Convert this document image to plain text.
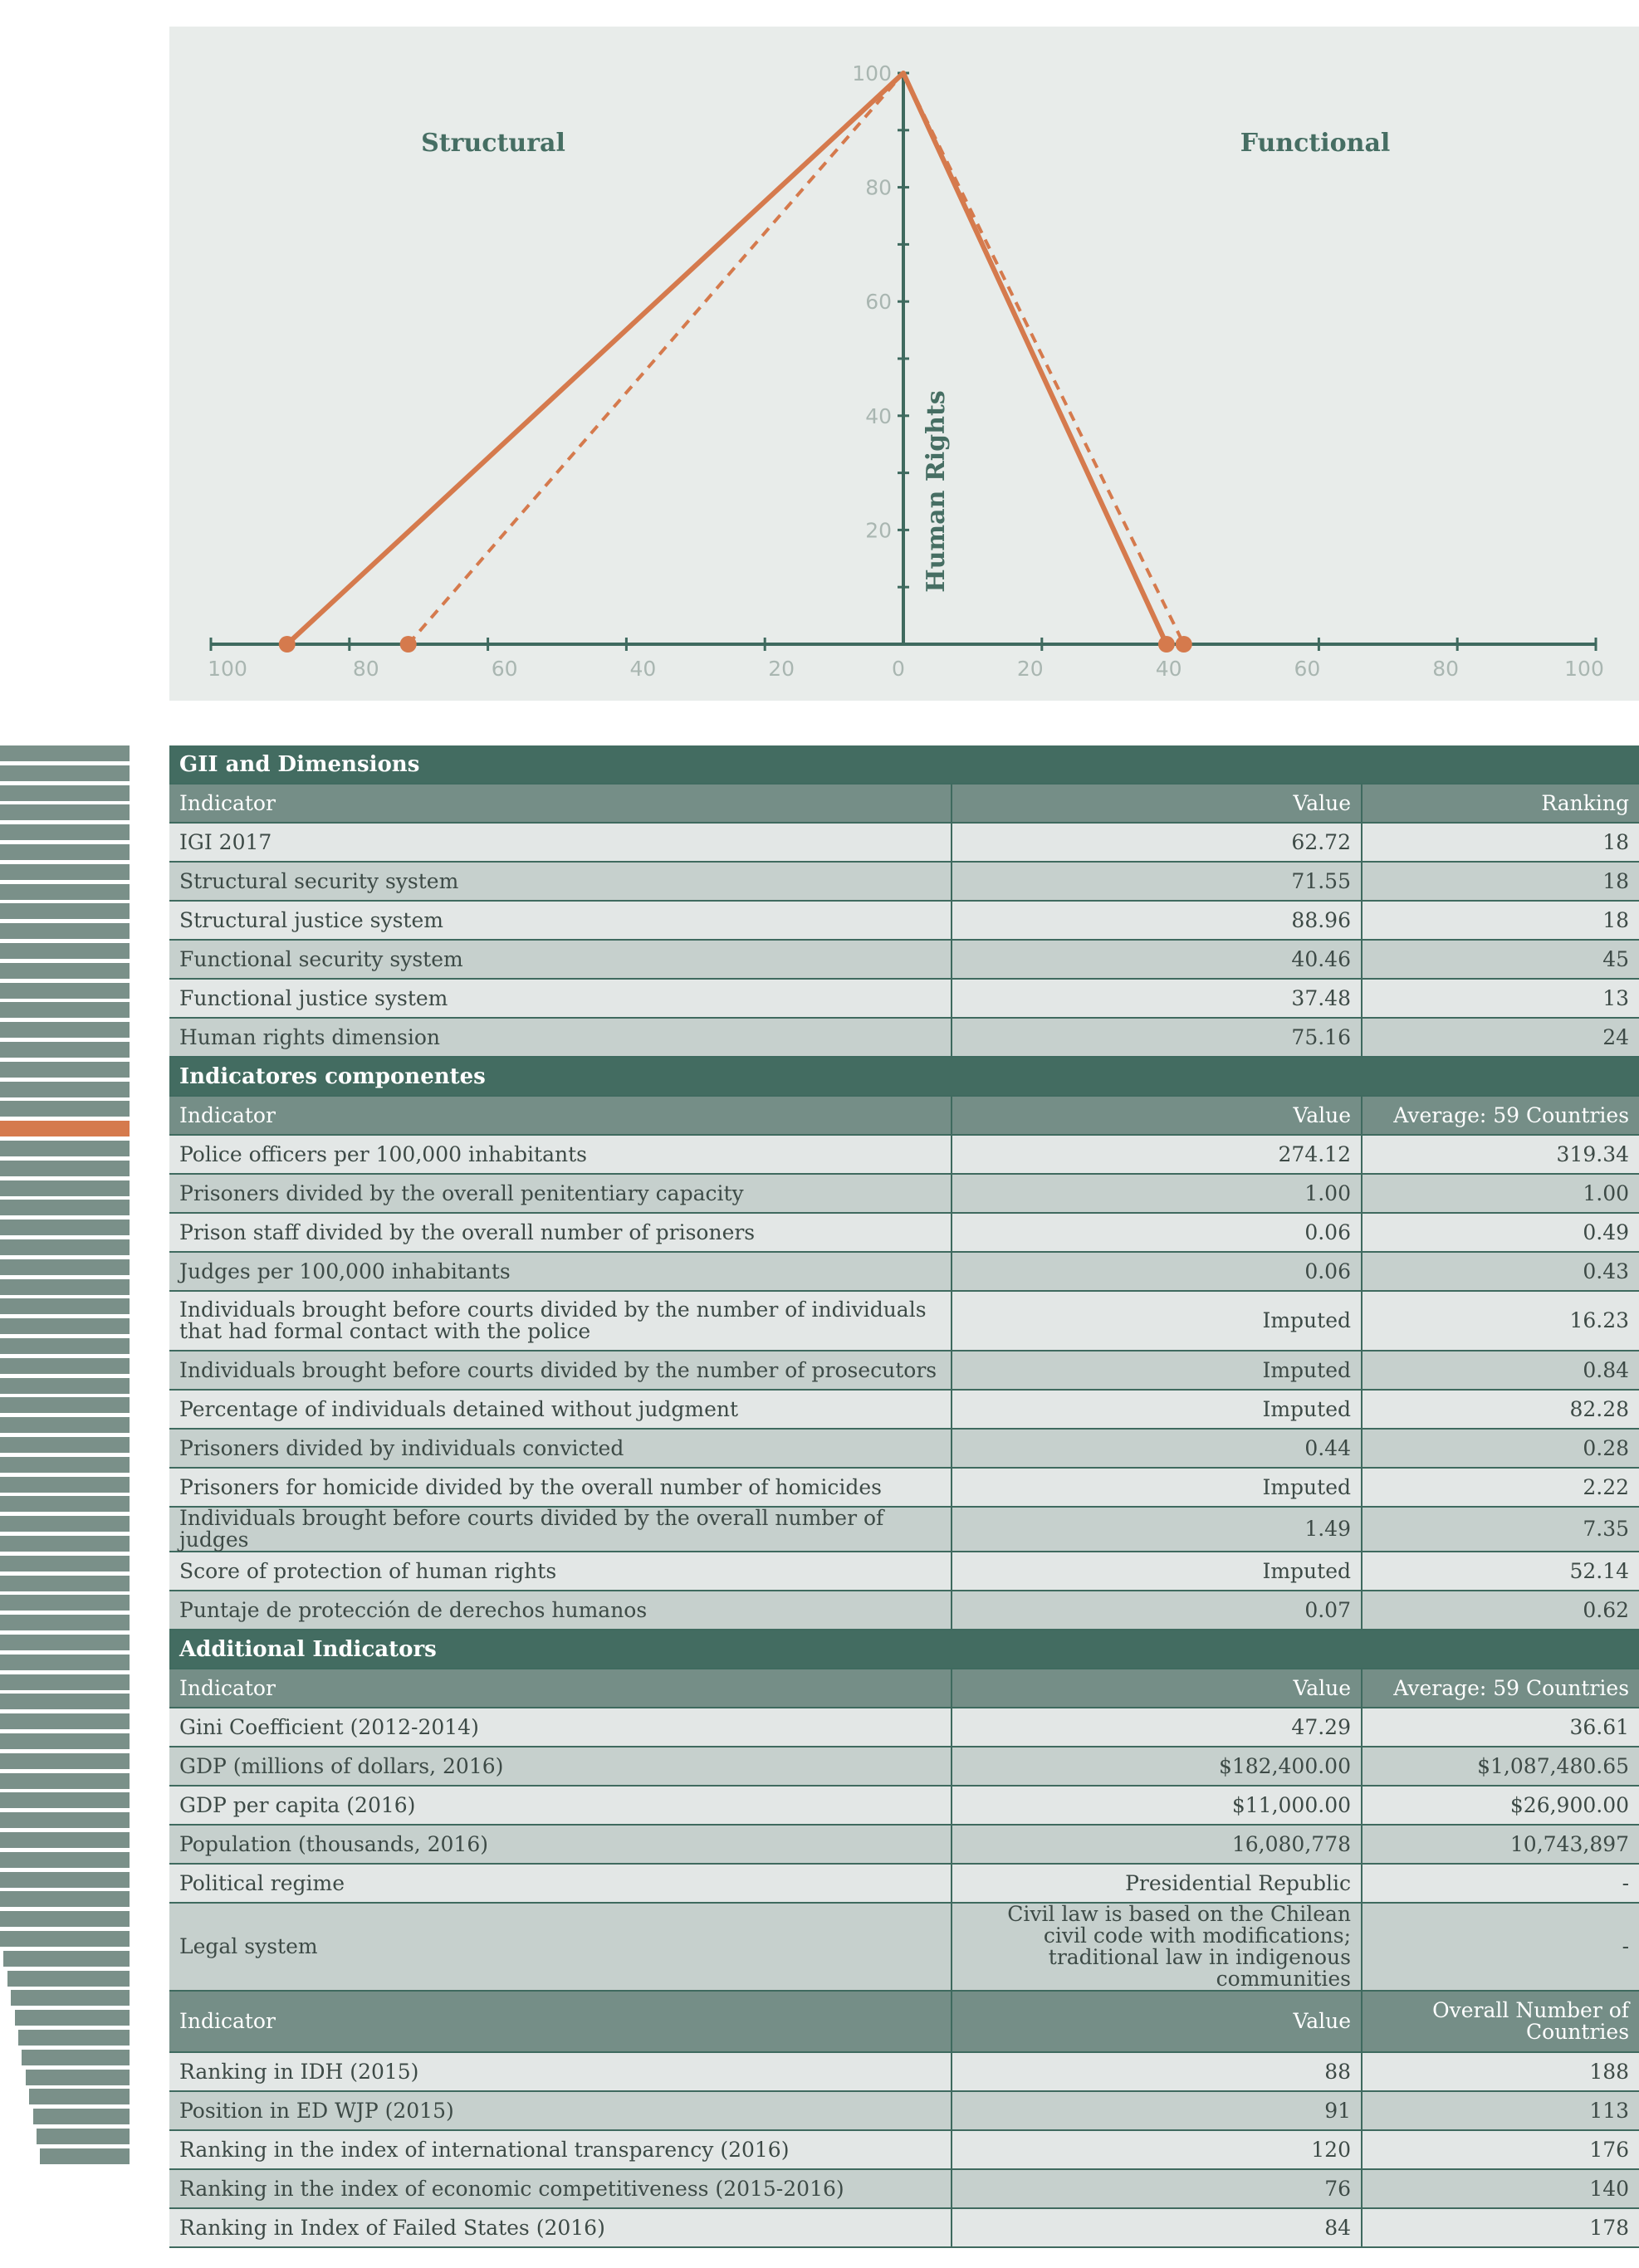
Structural	Functional
Human Rights
100	80	60	40	20	0	20	40	60	80	100
20
40
60
80
100
GII and Dimensions		
Indicator	Value	Ranking
IGI 2017	62.72	18
Structural security system	71.55	18
Structural justice system	88.96	18
Functional security system	40.46	45
Functional justice system	37.48	13
Human rights dimension	75.16	24
Indicatores componentes		
Indicator	Value	Average: 59 Countries
Police officers per 100,000 inhabitants	274.12	319.34
Prisoners divided by the overall penitentiary capacity	1.00	1.00
Prison staff divided by the overall number of prisoners	0.06	0.49
Judges per 100,000 inhabitants	0.06	0.43
Individuals brought before courts divided by the number of individuals that had formal contact with the police	Imputed	16.23
Individuals brought before courts divided by the number of prosecutors	Imputed	0.84
Percentage of individuals detained without judgment	Imputed	82.28
Prisoners divided by individuals convicted	0.44	0.28
Prisoners for homicide divided by the overall number of homicides	Imputed	2.22
Individuals brought before courts divided by the overall number of judges	1.49	7.35
Score of protection of human rights	Imputed	52.14
Puntaje de protección de derechos humanos	0.07	0.62
Additional Indicators		
Indicator	Value	Average: 59 Countries
Gini Coefficient (2012-2014)	47.29	36.61
GDP (millions of dollars, 2016)	$182,400.00	$1,087,480.65
GDP per capita (2016)	$11,000.00	$26,900.00
Population (thousands, 2016)	16,080,778	10,743,897
Political regime	Presidential Republic	-
Legal system	Civil law is based on the Chilean civil code with modifications; traditional law in indigenous communities	-
Indicator	Value	Overall Number of Countries
Ranking in IDH (2015)	88	188
Position in ED WJP (2015)	91	113
Ranking in the index of international transparency (2016)	120	176
Ranking in the index of economic competitiveness (2015-2016)	76	140
Ranking in Index of Failed States (2016)	84	178
